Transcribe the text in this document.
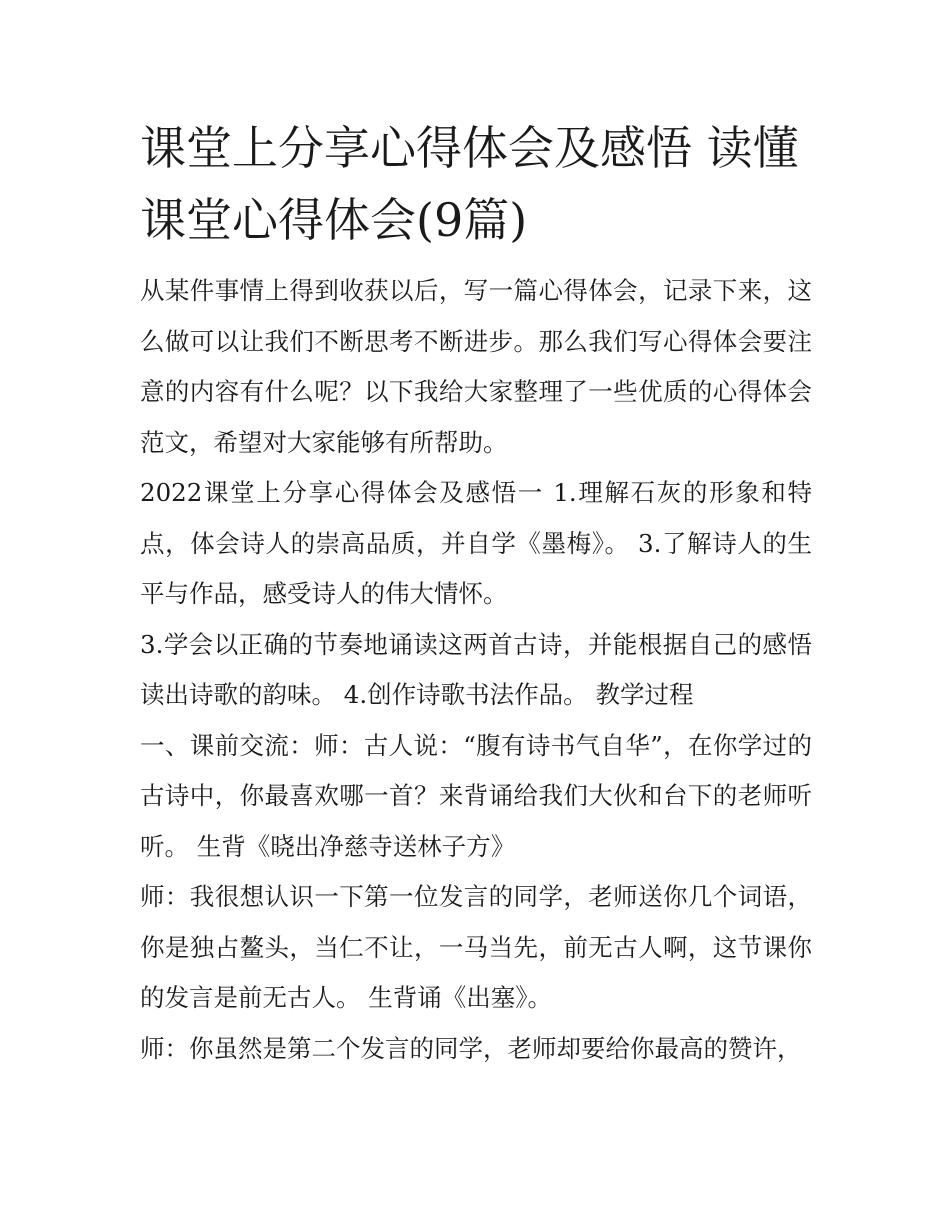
课堂上分享心得体会及感悟 读懂课堂心得体会(9篇)

从某件事情上得到收获以后，写一篇心得体会，记录下来，这么做可以让我们不断思考不断进步。那么我们写心得体会要注意的内容有什么呢？以下我给大家整理了一些优质的心得体会范文，希望对大家能够有所帮助。

2022课堂上分享心得体会及感悟一 1.理解石灰的形象和特点，体会诗人的崇高品质，并自学《墨梅》。 3.了解诗人的生平与作品，感受诗人的伟大情怀。

3.学会以正确的节奏地诵读这两首古诗，并能根据自己的感悟读出诗歌的韵味。 4.创作诗歌书法作品。 教学过程

一、课前交流：师：古人说：“腹有诗书气自华”，在你学过的古诗中，你最喜欢哪一首？来背诵给我们大伙和台下的老师听听。 生背《晓出净慈寺送林子方》

师：我很想认识一下第一位发言的同学，老师送你几个词语，你是独占鳌头，当仁不让，一马当先，前无古人啊，这节课你的发言是前无古人。 生背诵《出塞》。

师：你虽然是第二个发言的同学，老师却要给你最高的赞许，
